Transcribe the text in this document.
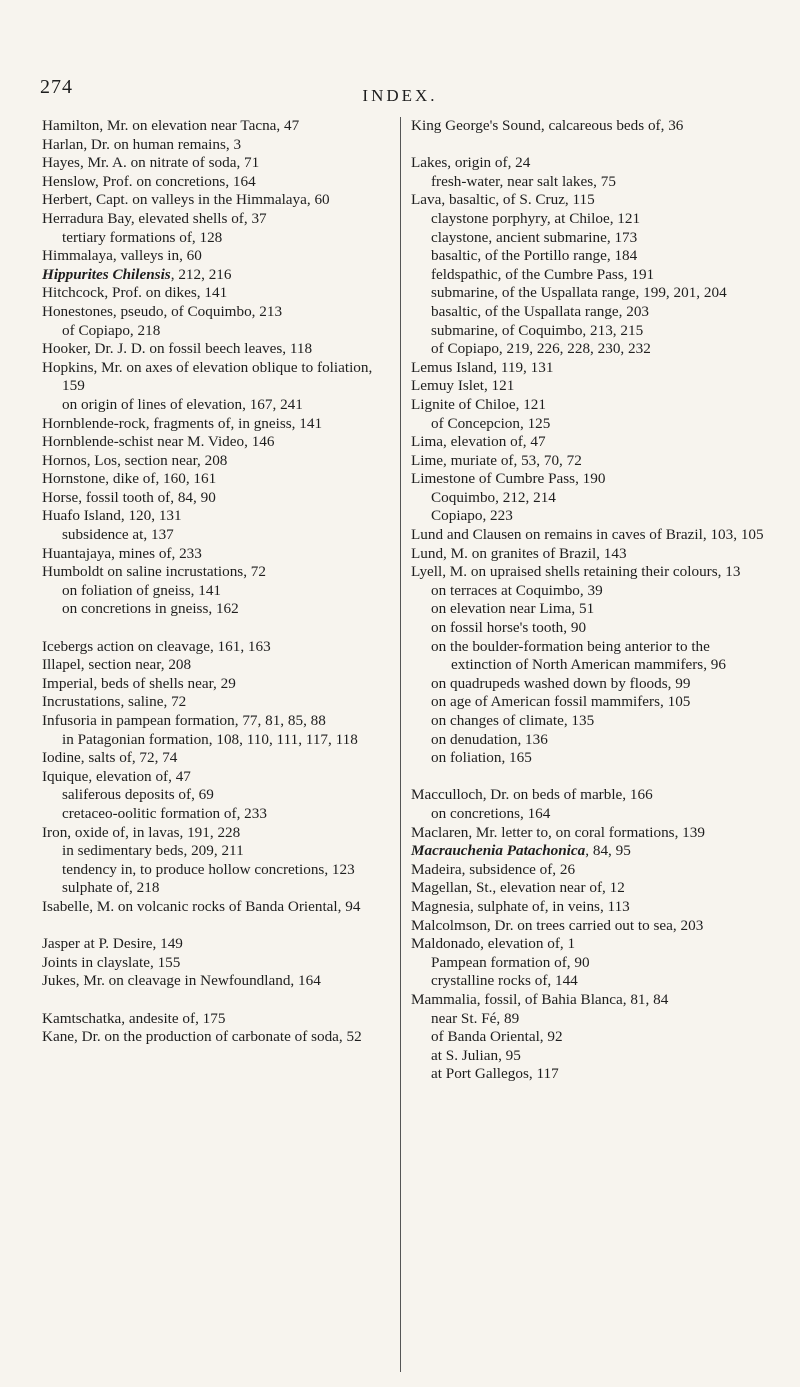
274	INDEX.
Hamilton, Mr. on elevation near Tacna, 47
Harlan, Dr. on human remains, 3
Hayes, Mr. A. on nitrate of soda, 71
Henslow, Prof. on concretions, 164
Herbert, Capt. on valleys in the Himmalaya, 60
Herradura Bay, elevated shells of, 37
tertiary formations of, 128
Himmalaya, valleys in, 60
Hippurites Chilensis, 212, 216
Hitchcock, Prof. on dikes, 141
Honestones, pseudo, of Coquimbo, 213
of Copiapo, 218
Hooker, Dr. J. D. on fossil beech leaves, 118
Hopkins, Mr. on axes of elevation oblique to foliation, 159
on origin of lines of elevation, 167, 241
Hornblende-rock, fragments of, in gneiss, 141
Hornblende-schist near M. Video, 146
Hornos, Los, section near, 208
Hornstone, dike of, 160, 161
Horse, fossil tooth of, 84, 90
Huafo Island, 120, 131
subsidence at, 137
Huantajaya, mines of, 233
Humboldt on saline incrustations, 72
on foliation of gneiss, 141
on concretions in gneiss, 162
Icebergs action on cleavage, 161, 163
Illapel, section near, 208
Imperial, beds of shells near, 29
Incrustations, saline, 72
Infusoria in pampean formation, 77, 81, 85, 88
in Patagonian formation, 108, 110, 111, 117, 118
Iodine, salts of, 72, 74
Iquique, elevation of, 47
saliferous deposits of, 69
cretaceo-oolitic formation of, 233
Iron, oxide of, in lavas, 191, 228
in sedimentary beds, 209, 211
tendency in, to produce hollow concretions, 123
sulphate of, 218
Isabelle, M. on volcanic rocks of Banda Oriental, 94
Jasper at P. Desire, 149
Joints in clayslate, 155
Jukes, Mr. on cleavage in Newfoundland, 164
Kamtschatka, andesite of, 175
Kane, Dr. on the production of carbonate of soda, 52
King George's Sound, calcareous beds of, 36
Lakes, origin of, 24
fresh-water, near salt lakes, 75
Lava, basaltic, of S. Cruz, 115
claystone porphyry, at Chiloe, 121
claystone, ancient submarine, 173
basaltic, of the Portillo range, 184
feldspathic, of the Cumbre Pass, 191
submarine, of the Uspallata range, 199, 201, 204
basaltic, of the Uspallata range, 203
submarine, of Coquimbo, 213, 215
of Copiapo, 219, 226, 228, 230, 232
Lemus Island, 119, 131
Lemuy Islet, 121
Lignite of Chiloe, 121
of Concepcion, 125
Lima, elevation of, 47
Lime, muriate of, 53, 70, 72
Limestone of Cumbre Pass, 190
Coquimbo, 212, 214
Copiapo, 223
Lund and Clausen on remains in caves of Brazil, 103, 105
Lund, M. on granites of Brazil, 143
Lyell, M. on upraised shells retaining their colours, 13
on terraces at Coquimbo, 39
on elevation near Lima, 51
on fossil horse's tooth, 90
on the boulder-formation being anterior to the extinction of North American mammifers, 96
on quadrupeds washed down by floods, 99
on age of American fossil mammifers, 105
on changes of climate, 135
on denudation, 136
on foliation, 165
Macculloch, Dr. on beds of marble, 166
on concretions, 164
Maclaren, Mr. letter to, on coral formations, 139
Macrauchenia Patachonica, 84, 95
Madeira, subsidence of, 26
Magellan, St., elevation near of, 12
Magnesia, sulphate of, in veins, 113
Malcolmson, Dr. on trees carried out to sea, 203
Maldonado, elevation of, 1
Pampean formation of, 90
crystalline rocks of, 144
Mammalia, fossil, of Bahia Blanca, 81, 84
near St. Fé, 89
of Banda Oriental, 92
at S. Julian, 95
at Port Gallegos, 117
